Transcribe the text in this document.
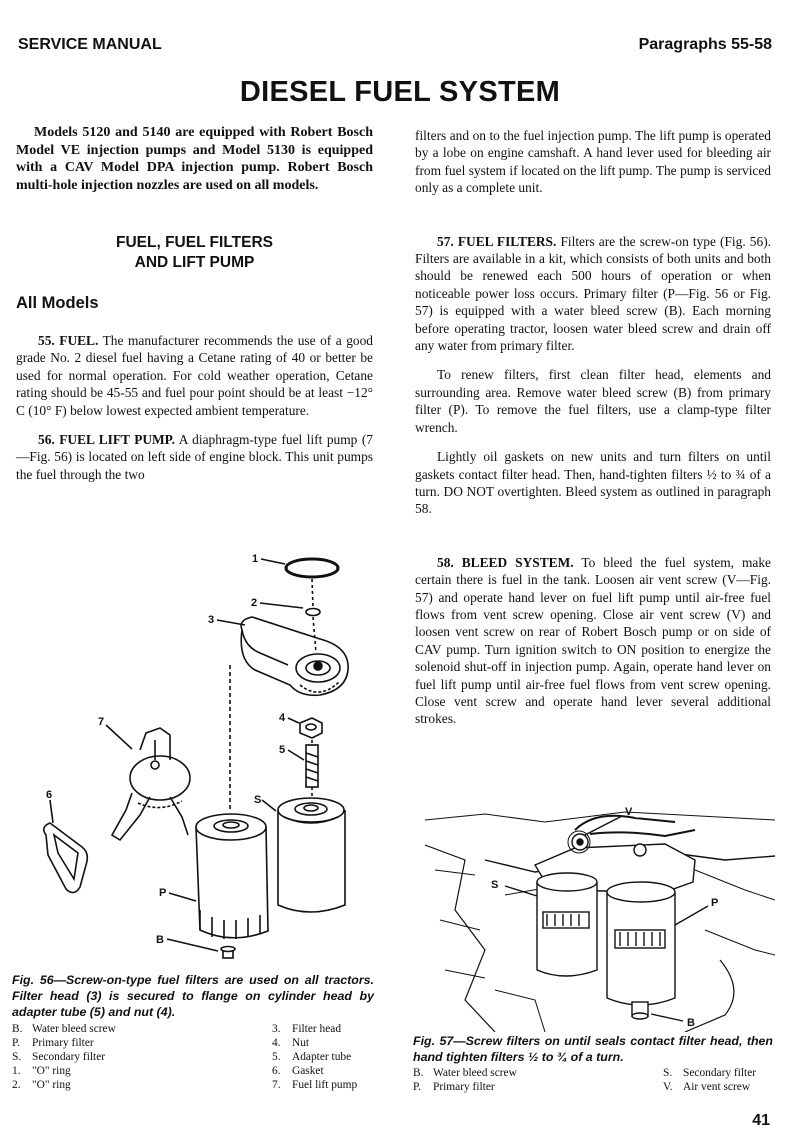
SERVICE MANUAL	Paragraphs 55-58
DIESEL FUEL SYSTEM
Models 5120 and 5140 are equipped with Robert Bosch Model VE injection pumps and Model 5130 is equipped with a CAV Model DPA injection pump. Robert Bosch multi-hole injection nozzles are used on all models.
FUEL, FUEL FILTERS
AND LIFT PUMP
All Models

55. FUEL. The manufacturer recommends the use of a good grade No. 2 diesel fuel having a Cetane rating of 40 or better be used for normal operation. For cold weather operation, Cetane rating should be 45-55 and fuel pour point should be at least −12° C (10° F) below lowest expected ambient temperature.

56. FUEL LIFT PUMP. A diaphragm-type fuel lift pump (7—Fig. 56) is located on left side of engine block. This unit pumps the fuel through the two

filters and on to the fuel injection pump. The lift pump is operated by a lobe on engine camshaft. A hand lever used for bleeding air from fuel system if located on the lift pump. The pump is serviced only as a complete unit.

57. FUEL FILTERS. Filters are the screw-on type (Fig. 56). Filters are available in a kit, which consists of both units and both should be renewed each 500 hours of operation or when noticeable power loss occurs. Primary filter (P—Fig. 56 or Fig. 57) is equipped with a water bleed screw (B). Each morning before operating tractor, loosen water bleed screw and drain off any water from primary filter.

To renew filters, first clean filter head, elements and surrounding area. Remove water bleed screw (B) from primary filter (P). To remove the fuel filters, use a clamp-type filter wrench.

Lightly oil gaskets on new units and turn filters on until gaskets contact filter head. Then, hand-tighten filters ½ to ¾ of a turn. DO NOT overtighten. Bleed system as outlined in paragraph 58.

58. BLEED SYSTEM. To bleed the fuel system, make certain there is fuel in the tank. Loosen air vent screw (V—Fig. 57) and operate hand lever on fuel lift pump until air-free fuel flows from vent screw opening. Close air vent screw (V) and loosen vent screw on rear of Robert Bosch pump or on side of CAV pump. Turn ignition switch to ON position to energize the solenoid shut-off in injection pump. Again, operate hand lever on fuel lift pump until air-free fuel flows from vent screw opening. Close vent screw and operate hand lever several additional strokes.

1
2
3
4
5
6
7
S
P
B
Fig. 56—Screw-on-type fuel filters are used on all tractors. Filter head (3) is secured to flange on cylinder head by adapter tube (5) and nut (4).
B. Water bleed screw
P.	Primary filter
S. Secondary filter
1.	"O" ring
2.	"O" ring
3.	Filter head
4.	Nut
5.	Adapter tube
6.	Gasket
7.	Fuel lift pump
V
S
P
B
Fig. 57—Screw filters on until seals contact filter head, then hand tighten filters ½ to ¾ of a turn.
B. Water bleed screw
P.	Primary filter
S. Secondary filter
V. Air vent screw
41
